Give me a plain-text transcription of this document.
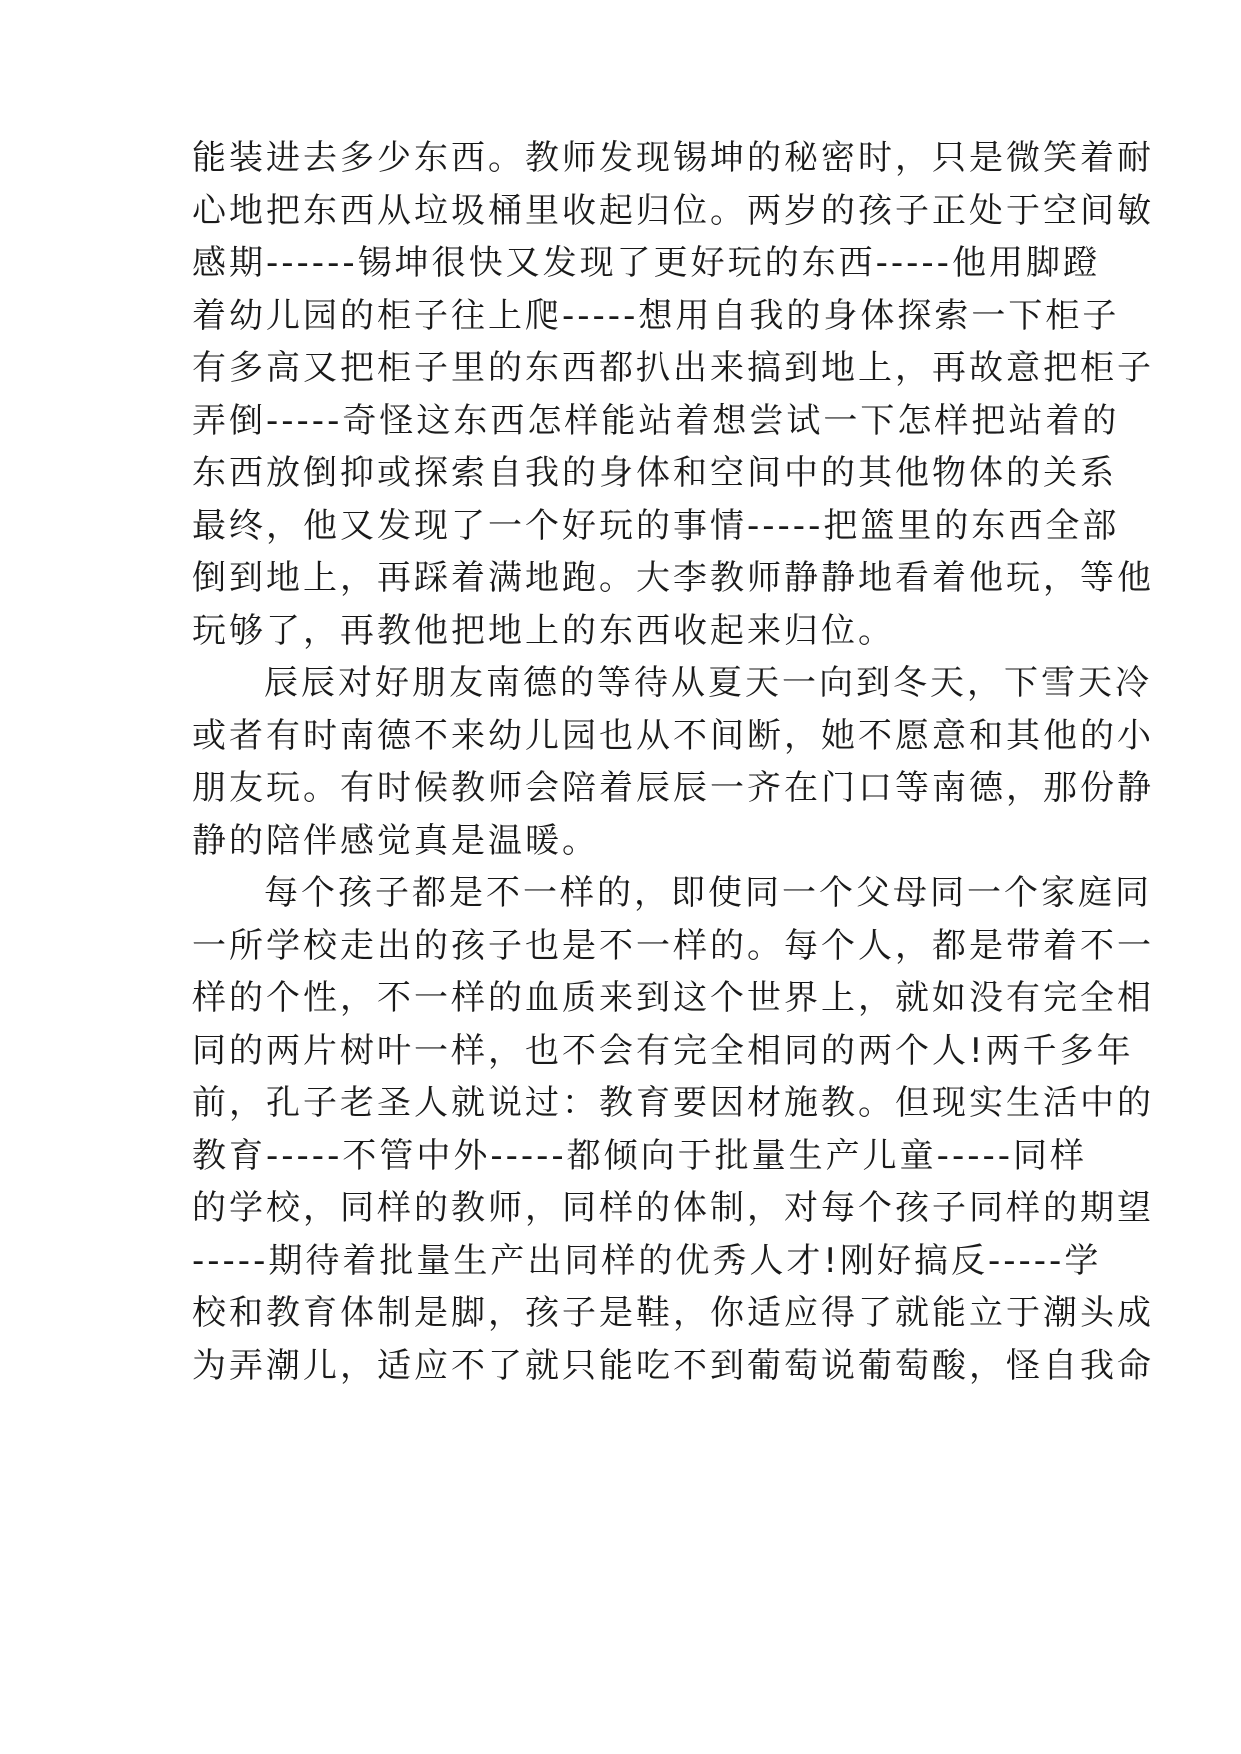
能装进去多少东西。教师发现锡坤的秘密时，只是微笑着耐
心地把东西从垃圾桶里收起归位。两岁的孩子正处于空间敏
感期------锡坤很快又发现了更好玩的东西-----他用脚蹬
着幼儿园的柜子往上爬-----想用自我的身体探索一下柜子
有多高又把柜子里的东西都扒出来搞到地上，再故意把柜子
弄倒-----奇怪这东西怎样能站着想尝试一下怎样把站着的
东西放倒抑或探索自我的身体和空间中的其他物体的关系
最终，他又发现了一个好玩的事情-----把篮里的东西全部
倒到地上，再踩着满地跑。大李教师静静地看着他玩，等他
玩够了，再教他把地上的东西收起来归位。
辰辰对好朋友南德的等待从夏天一向到冬天，下雪天冷
或者有时南德不来幼儿园也从不间断，她不愿意和其他的小
朋友玩。有时候教师会陪着辰辰一齐在门口等南德，那份静
静的陪伴感觉真是温暖。
每个孩子都是不一样的，即使同一个父母同一个家庭同
一所学校走出的孩子也是不一样的。每个人，都是带着不一
样的个性，不一样的血质来到这个世界上，就如没有完全相
同的两片树叶一样，也不会有完全相同的两个人!两千多年
前，孔子老圣人就说过：教育要因材施教。但现实生活中的
教育-----不管中外-----都倾向于批量生产儿童-----同样
的学校，同样的教师，同样的体制，对每个孩子同样的期望
-----期待着批量生产出同样的优秀人才!刚好搞反-----学
校和教育体制是脚，孩子是鞋，你适应得了就能立于潮头成
为弄潮儿，适应不了就只能吃不到葡萄说葡萄酸，怪自我命
